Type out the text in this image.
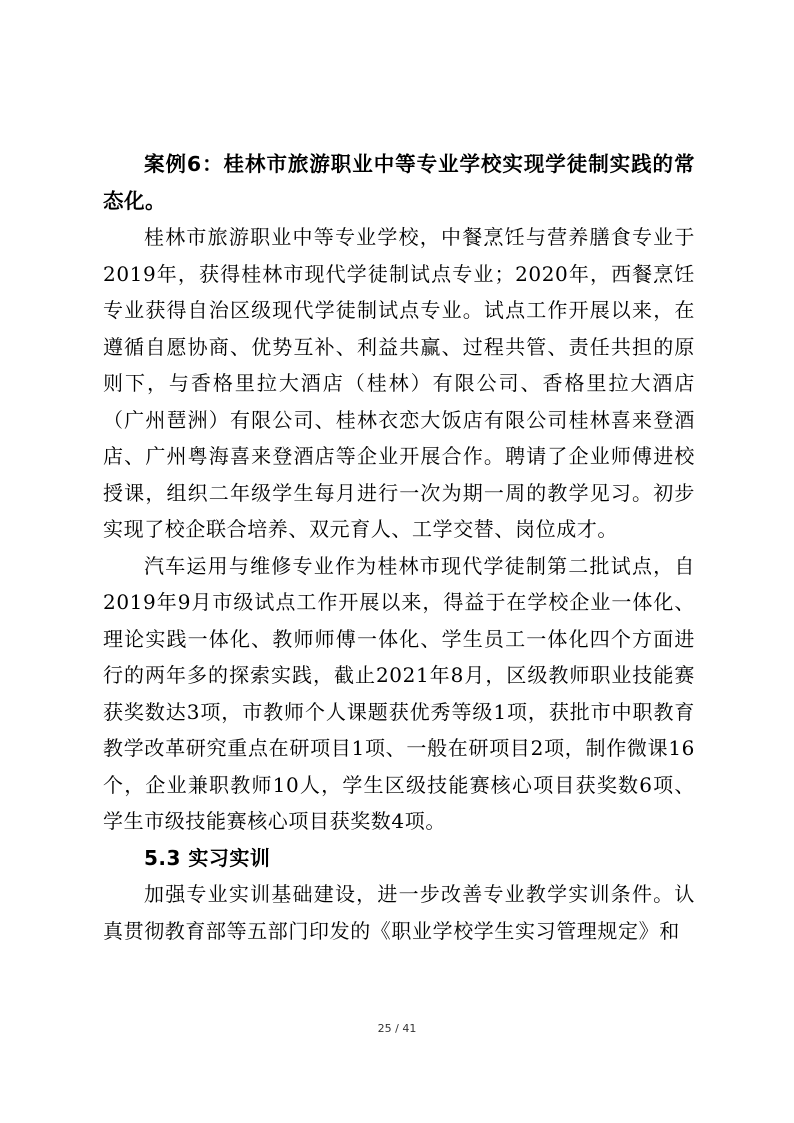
案例6：桂林市旅游职业中等专业学校实现学徒制实践的常态化。

桂林市旅游职业中等专业学校，中餐烹饪与营养膳食专业于2019年，获得桂林市现代学徒制试点专业；2020年，西餐烹饪专业获得自治区级现代学徒制试点专业。试点工作开展以来，在遵循自愿协商、优势互补、利益共赢、过程共管、责任共担的原则下，与香格里拉大酒店（桂林）有限公司、香格里拉大酒店（广州琶洲）有限公司、桂林衣恋大饭店有限公司桂林喜来登酒店、广州粤海喜来登酒店等企业开展合作。聘请了企业师傅进校授课，组织二年级学生每月进行一次为期一周的教学见习。初步实现了校企联合培养、双元育人、工学交替、岗位成才。

汽车运用与维修专业作为桂林市现代学徒制第二批试点，自2019年9月市级试点工作开展以来，得益于在学校企业一体化、理论实践一体化、教师师傅一体化、学生员工一体化四个方面进行的两年多的探索实践，截止2021年8月，区级教师职业技能赛获奖数达3项，市教师个人课题获优秀等级1项，获批市中职教育教学改革研究重点在研项目1项、一般在研项目2项，制作微课16个，企业兼职教师10人，学生区级技能赛核心项目获奖数6项、学生市级技能赛核心项目获奖数4项。

5.3 实习实训

加强专业实训基础建设，进一步改善专业教学实训条件。认真贯彻教育部等五部门印发的《职业学校学生实习管理规定》和

25 / 41
